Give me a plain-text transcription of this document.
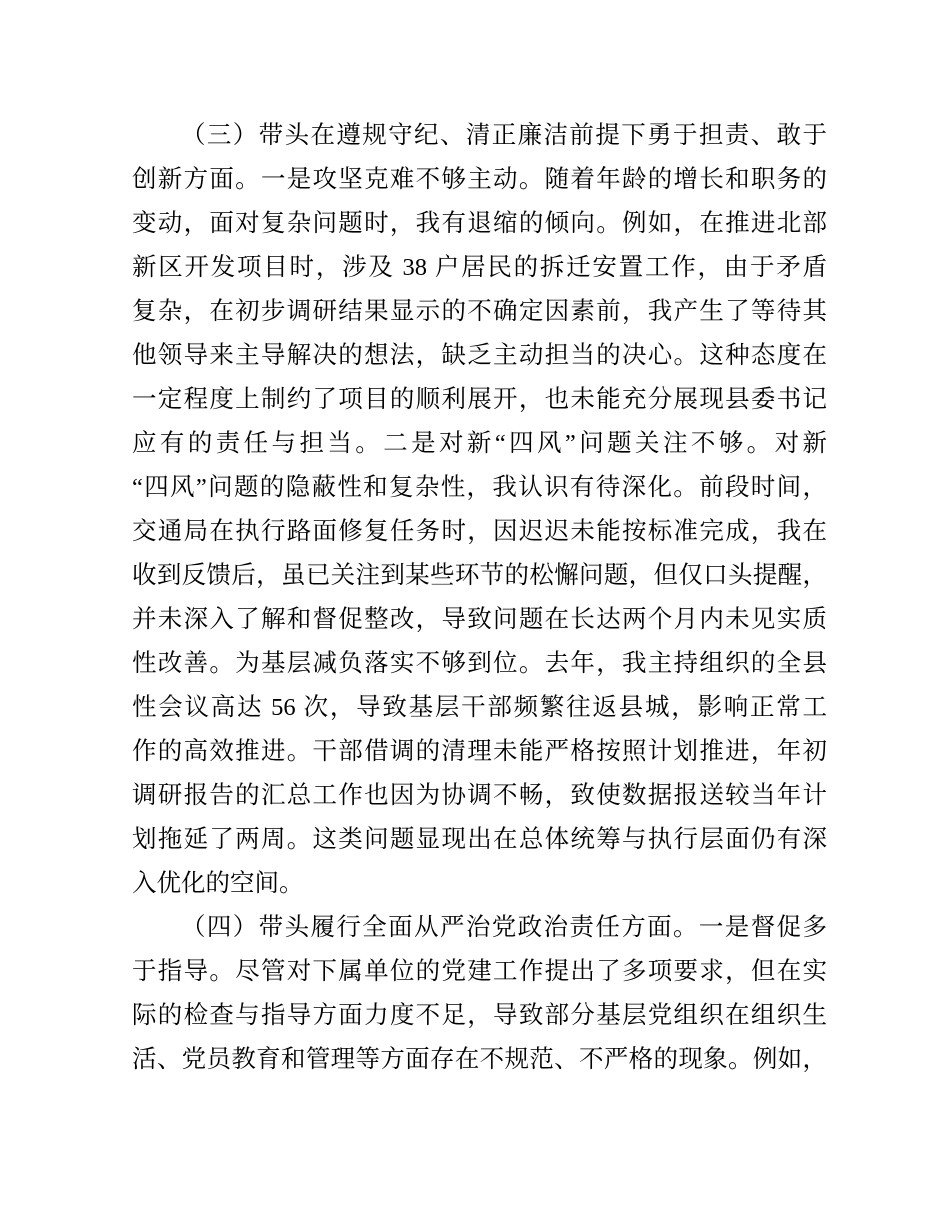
（三）带头在遵规守纪、清正廉洁前提下勇于担责、敢于
创新方面。一是攻坚克难不够主动。随着年龄的增长和职务的
变动，面对复杂问题时，我有退缩的倾向。例如，在推进北部
新区开发项目时，涉及 38 户居民的拆迁安置工作，由于矛盾
复杂，在初步调研结果显示的不确定因素前，我产生了等待其
他领导来主导解决的想法，缺乏主动担当的决心。这种态度在
一定程度上制约了项目的顺利展开，也未能充分展现县委书记
应有的责任与担当。二是对新“四风”问题关注不够。对新
“四风”问题的隐蔽性和复杂性，我认识有待深化。前段时间，
交通局在执行路面修复任务时，因迟迟未能按标准完成，我在
收到反馈后，虽已关注到某些环节的松懈问题，但仅口头提醒，
并未深入了解和督促整改，导致问题在长达两个月内未见实质
性改善。为基层减负落实不够到位。去年，我主持组织的全县
性会议高达 56 次，导致基层干部频繁往返县城，影响正常工
作的高效推进。干部借调的清理未能严格按照计划推进，年初
调研报告的汇总工作也因为协调不畅，致使数据报送较当年计
划拖延了两周。这类问题显现出在总体统筹与执行层面仍有深
入优化的空间。
（四）带头履行全面从严治党政治责任方面。一是督促多
于指导。尽管对下属单位的党建工作提出了多项要求，但在实
际的检查与指导方面力度不足，导致部分基层党组织在组织生
活、党员教育和管理等方面存在不规范、不严格的现象。例如，
